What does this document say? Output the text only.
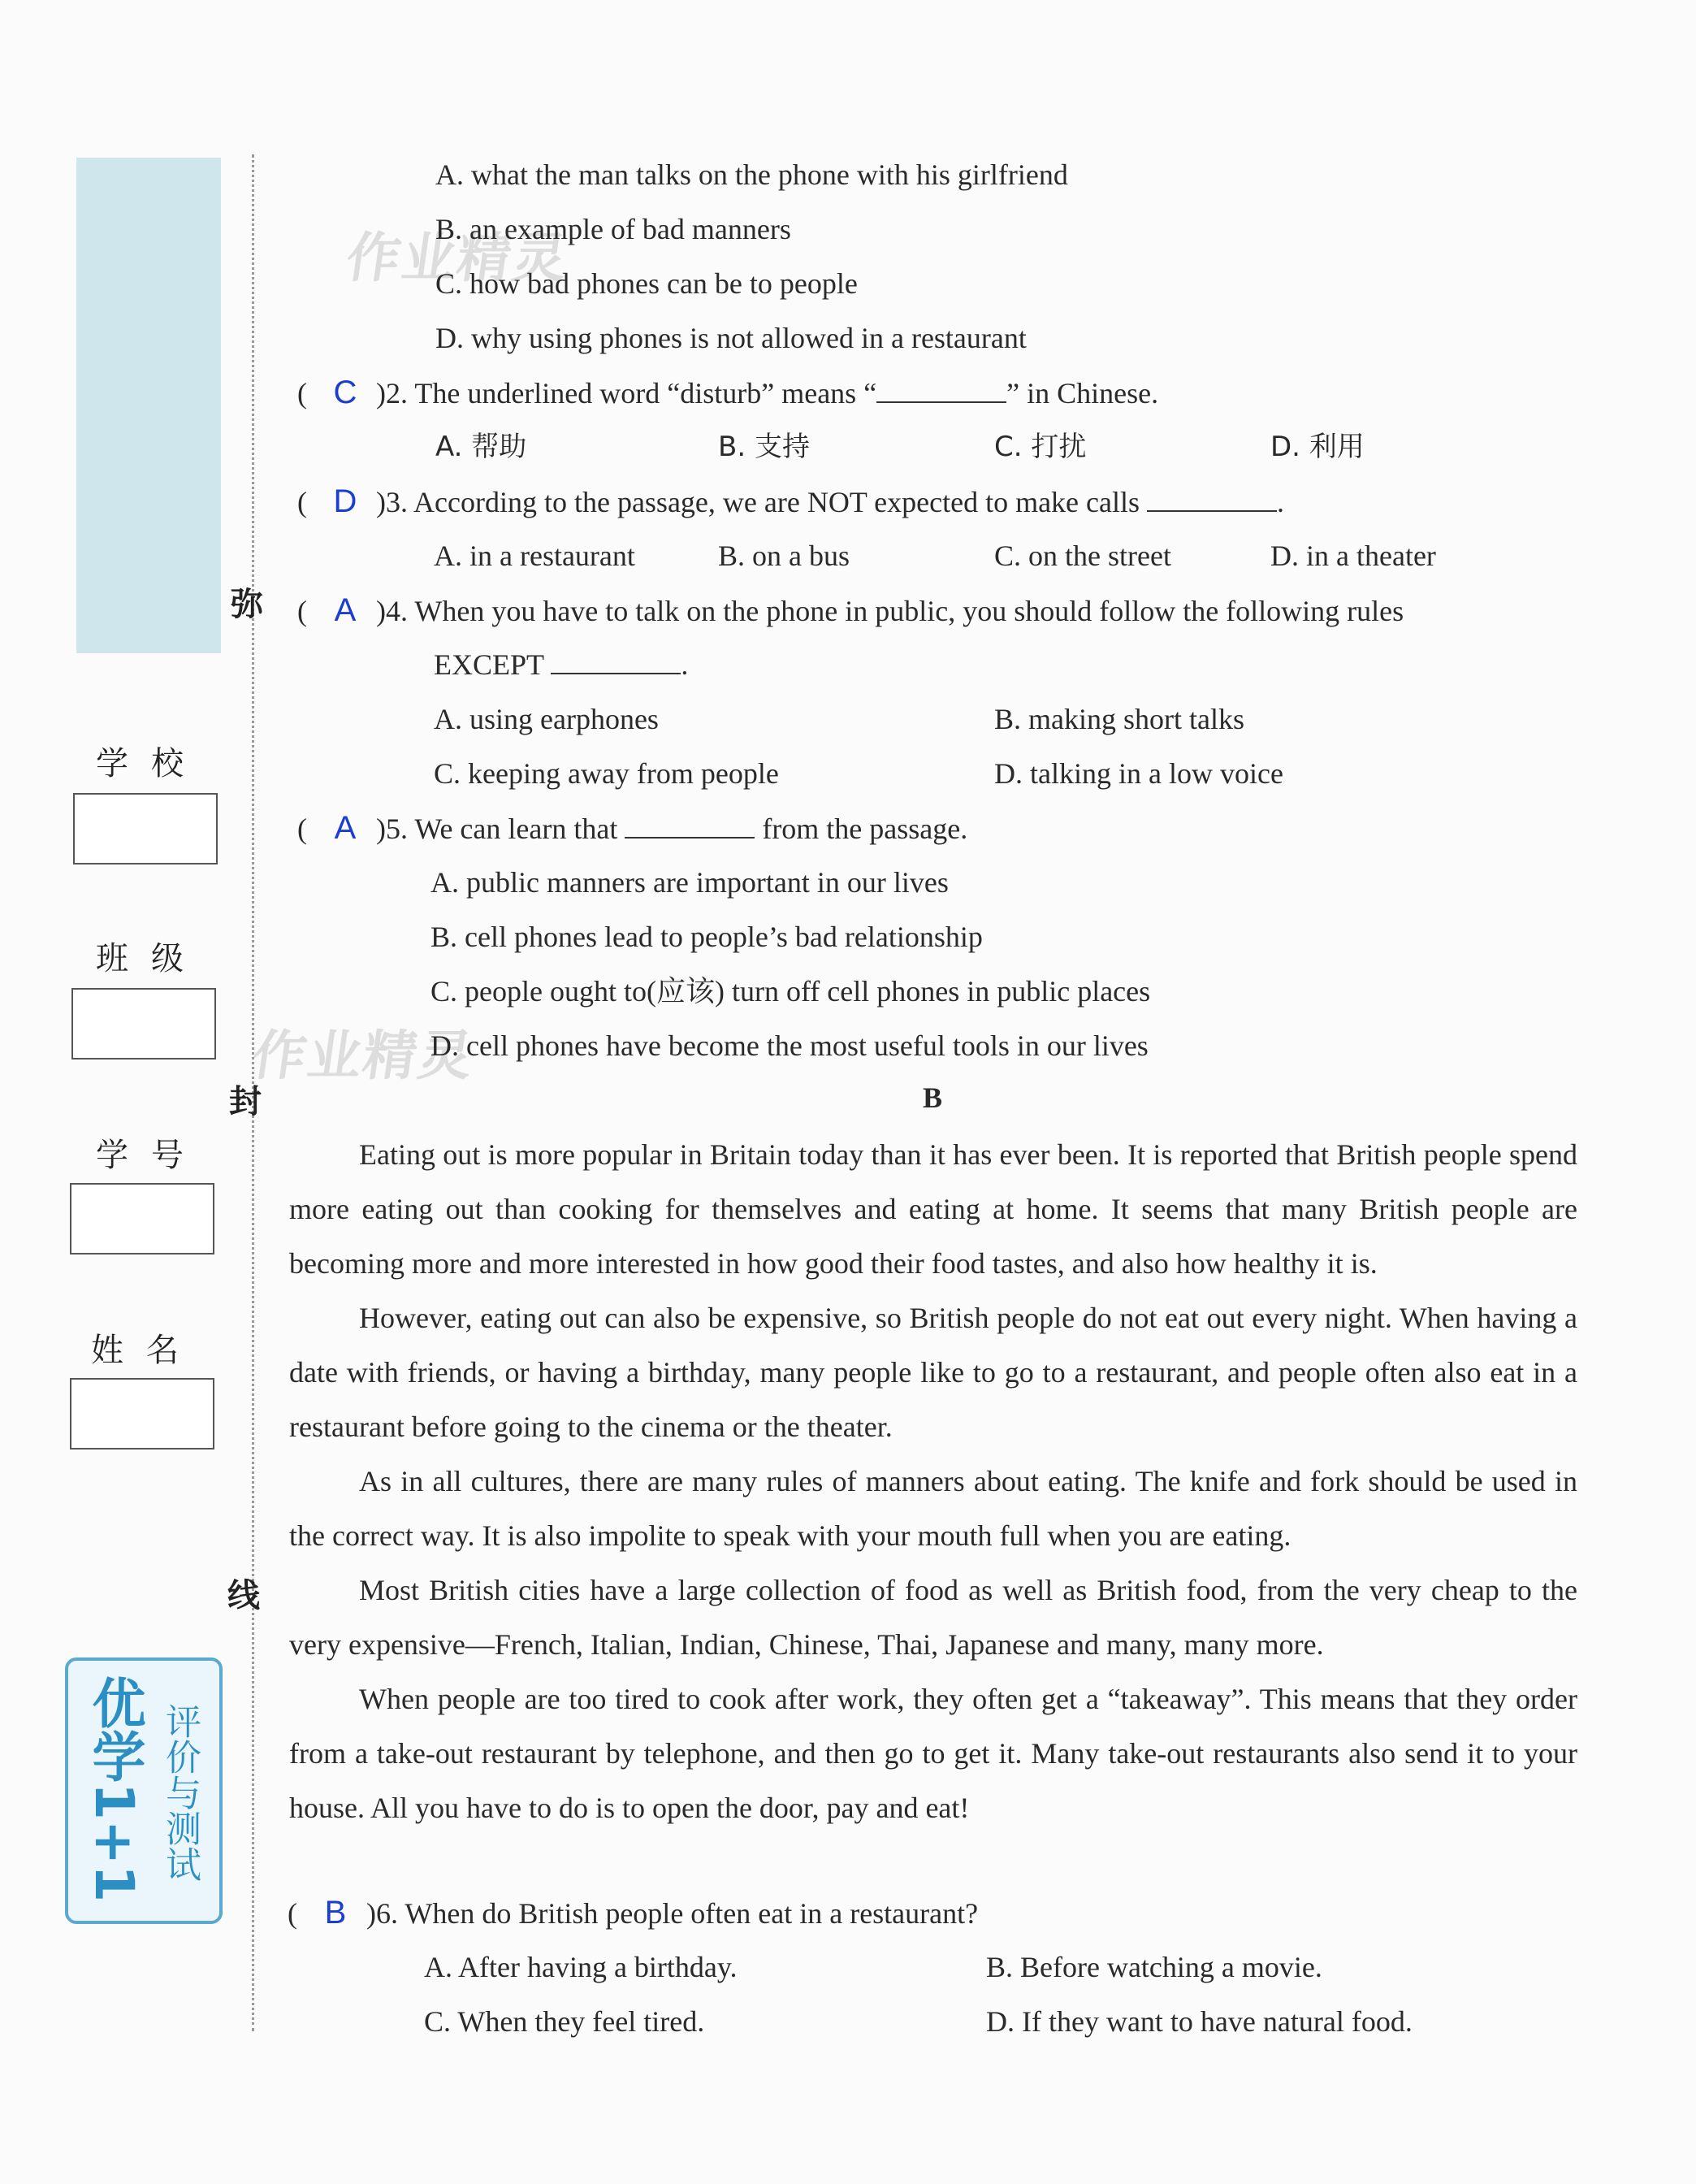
学校
班级
学号
姓名
弥
封
线
优学1+1 评价与测试
作业精灵
作业精灵
A. what the man talks on the phone with his girlfriend
B. an example of bad manners
C. how bad phones can be to people
D. why using phones is not allowed in a restaurant
( C )2. The underlined word “disturb” means “	” in Chinese.
A. 帮助	B. 支持	C. 打扰	D. 利用
( D )3. According to the passage, we are NOT expected to make calls	.
A. in a restaurant	B. on a bus	C. on the street	D. in a theater
( A )4. When you have to talk on the phone in public, you should follow the following rules
EXCEPT	.
A. using earphones	B. making short talks
C. keeping away from people	D. talking in a low voice
( A )5. We can learn that	from the passage.
A. public manners are important in our lives
B. cell phones lead to people’s bad relationship
C. people ought to(应该) turn off cell phones in public places
D. cell phones have become the most useful tools in our lives
B

Eating out is more popular in Britain today than it has ever been. It is reported that British people spend more eating out than cooking for themselves and eating at home. It seems that many British people are becoming more and more interested in how good their food tastes, and also how healthy it is.

However, eating out can also be expensive, so British people do not eat out every night. When having a date with friends, or having a birthday, many people like to go to a restaurant, and people often also eat in a restaurant before going to the cinema or the theater.

As in all cultures, there are many rules of manners about eating. The knife and fork should be used in the correct way. It is also impolite to speak with your mouth full when you are eating.

Most British cities have a large collection of food as well as British food, from the very cheap to the very expensive—French, Italian, Indian, Chinese, Thai, Japanese and many, many more.

When people are too tired to cook after work, they often get a “takeaway”. This means that they order from a take-out restaurant by telephone, and then go to get it. Many take-out restaurants also send it to your house. All you have to do is to open the door, pay and eat!

( B )6. When do British people often eat in a restaurant?
A. After having a birthday.	B. Before watching a movie.
C. When they feel tired.	D. If they want to have natural food.
